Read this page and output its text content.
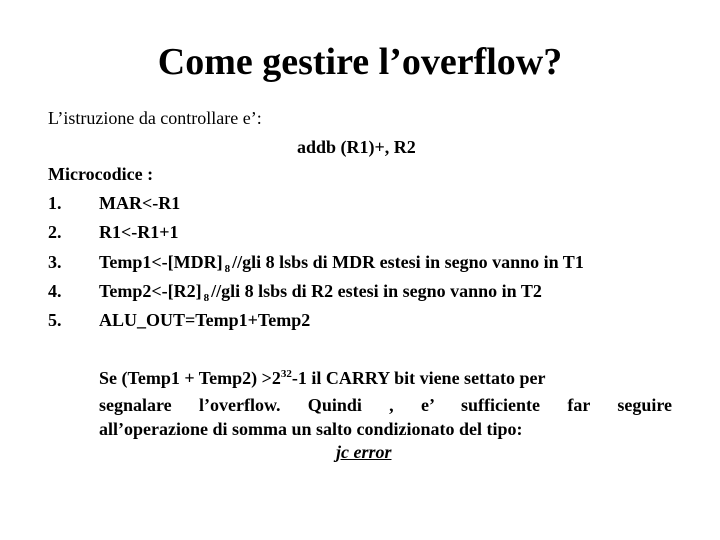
Come gestire l’overflow?
L’istruzione da controllare e’:
addb (R1)+, R2
Microcodice :
1. MAR<-R1
2. R1<-R1+1
3. Temp1<-[MDR] $_8$ //gli 8 lsbs di MDR estesi in segno vanno in T1
4. Temp2<-[R2] $_8$ //gli 8 lsbs di R2 estesi in segno vanno in T2
5. ALU_OUT=Temp1+Temp2
Se (Temp1 + Temp2) $>2^{32}-1$ il CARRY bit viene settato per
segnalare l’overflow. Quindi , e’ sufficiente far seguire
all’operazione di somma un salto condizionato del tipo:
jc error
